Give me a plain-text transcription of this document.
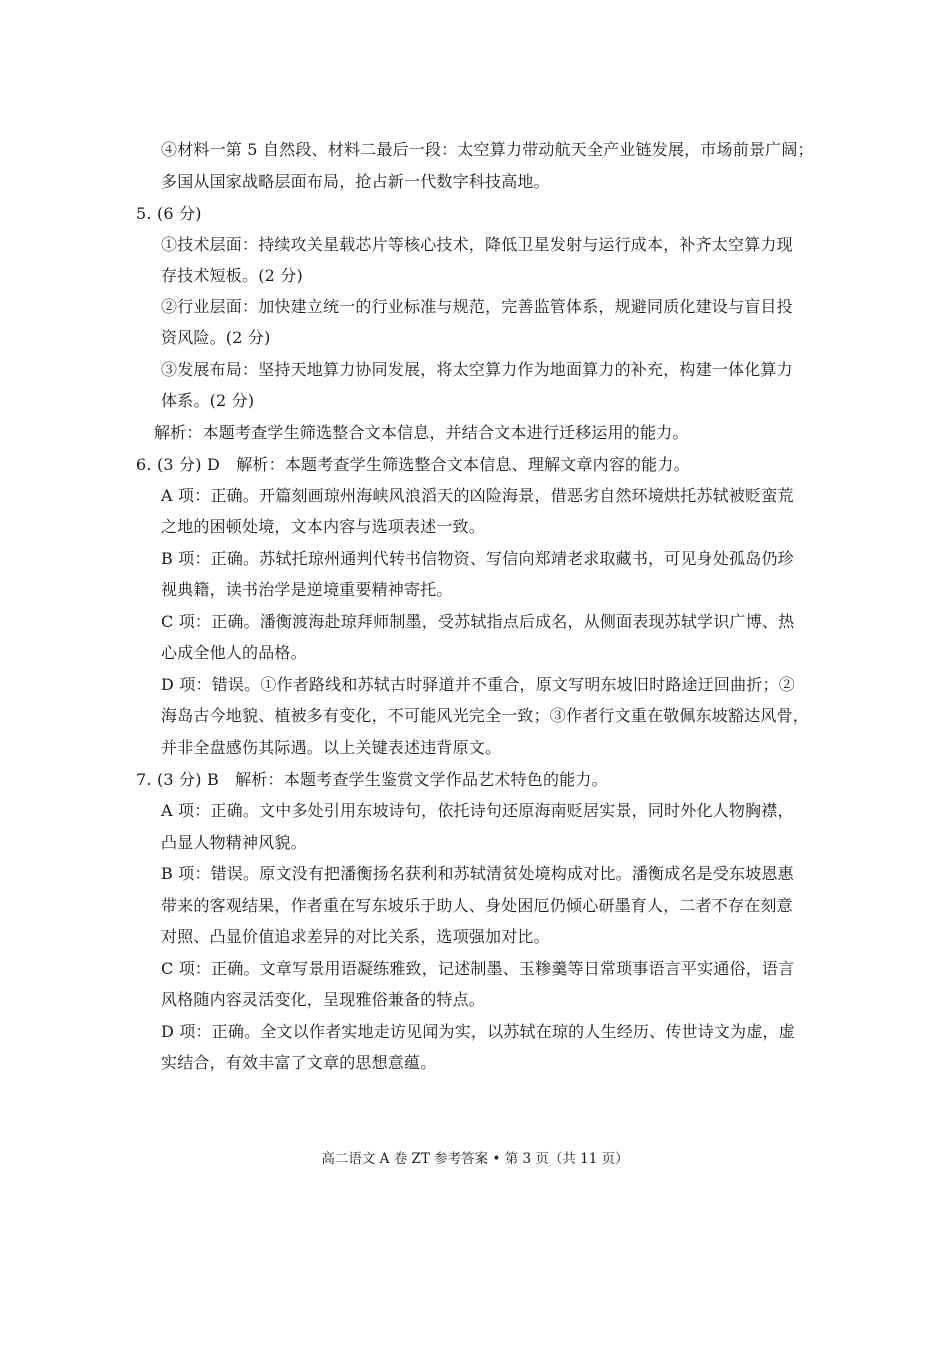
④材料一第 5 自然段、材料二最后一段：太空算力带动航天全产业链发展，市场前景广阔；
多国从国家战略层面布局，抢占新一代数字科技高地。
5. (6 分)
①技术层面：持续攻关星载芯片等核心技术，降低卫星发射与运行成本，补齐太空算力现
存技术短板。(2 分)
②行业层面：加快建立统一的行业标准与规范，完善监管体系，规避同质化建设与盲目投
资风险。(2 分)
③发展布局：坚持天地算力协同发展，将太空算力作为地面算力的补充，构建一体化算力
体系。(2 分)
解析：本题考查学生筛选整合文本信息，并结合文本进行迁移运用的能力。
6. (3 分) D　解析：本题考查学生筛选整合文本信息、理解文章内容的能力。
A 项：正确。开篇刻画琼州海峡风浪滔天的凶险海景，借恶劣自然环境烘托苏轼被贬蛮荒
之地的困顿处境，文本内容与选项表述一致。
B 项：正确。苏轼托琼州通判代转书信物资、写信向郑靖老求取藏书，可见身处孤岛仍珍
视典籍，读书治学是逆境重要精神寄托。
C 项：正确。潘衡渡海赴琼拜师制墨，受苏轼指点后成名，从侧面表现苏轼学识广博、热
心成全他人的品格。
D 项：错误。①作者路线和苏轼古时驿道并不重合，原文写明东坡旧时路途迂回曲折；②
海岛古今地貌、植被多有变化，不可能风光完全一致；③作者行文重在敬佩东坡豁达风骨，
并非全盘感伤其际遇。以上关键表述违背原文。
7. (3 分) B　解析：本题考查学生鉴赏文学作品艺术特色的能力。
A 项：正确。文中多处引用东坡诗句，依托诗句还原海南贬居实景，同时外化人物胸襟，
凸显人物精神风貌。
B 项：错误。原文没有把潘衡扬名获利和苏轼清贫处境构成对比。潘衡成名是受东坡恩惠
带来的客观结果，作者重在写东坡乐于助人、身处困厄仍倾心研墨育人，二者不存在刻意
对照、凸显价值追求差异的对比关系，选项强加对比。
C 项：正确。文章写景用语凝练雅致，记述制墨、玉糁羹等日常琐事语言平实通俗，语言
风格随内容灵活变化，呈现雅俗兼备的特点。
D 项：正确。全文以作者实地走访见闻为实，以苏轼在琼的人生经历、传世诗文为虚，虚
实结合，有效丰富了文章的思想意蕴。
高二语文 A 卷 ZT 参考答案 • 第 3 页（共 11 页）
